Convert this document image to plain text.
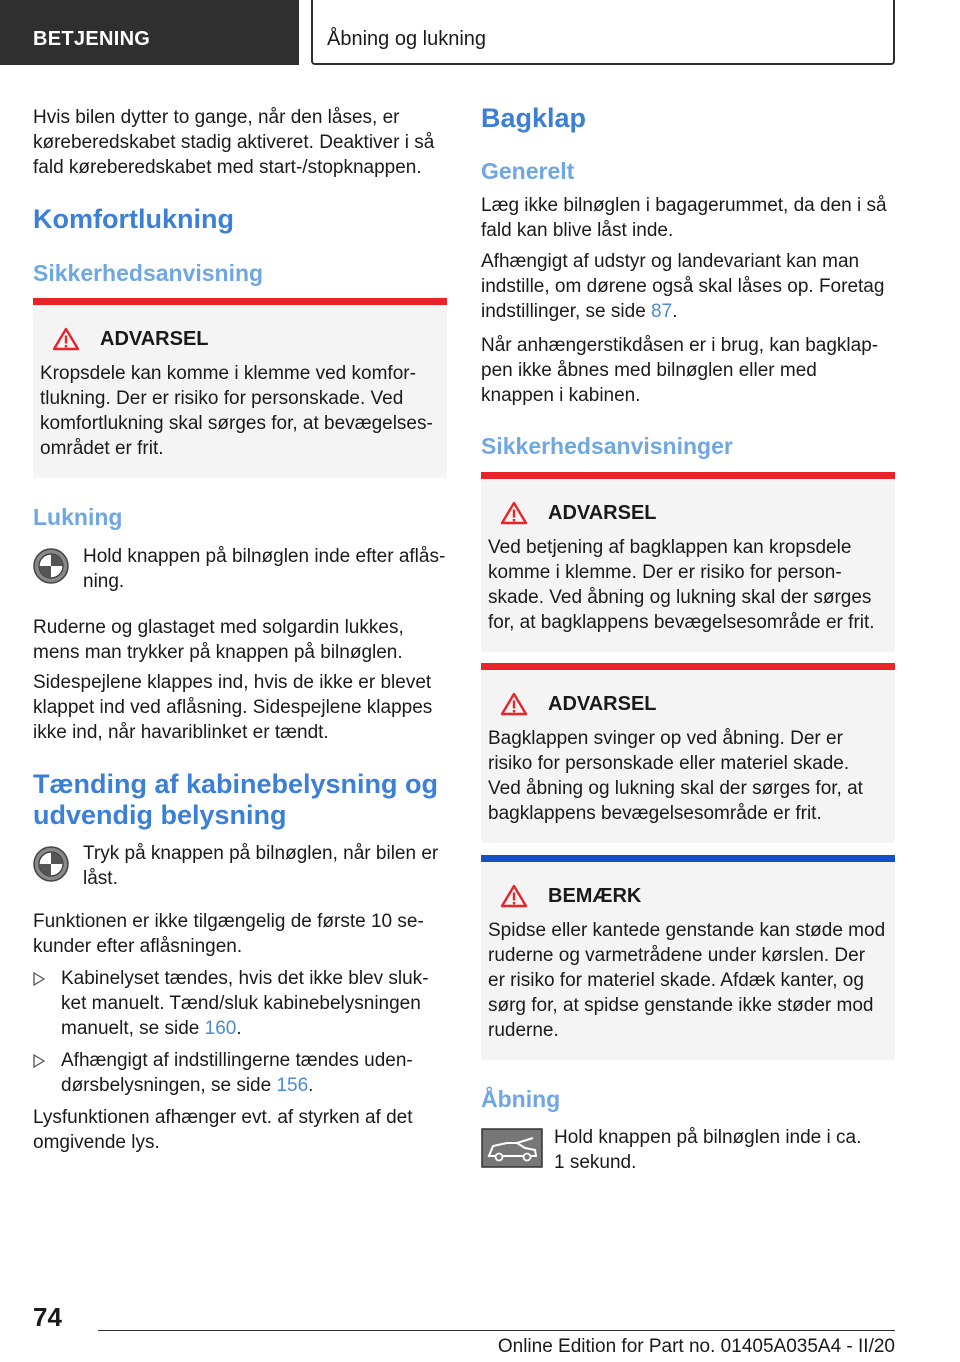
BETJENING	Åbning og lukning

Hvis bilen dytter to gange, når den låses, er køreberedskabet stadig aktiveret. Deaktiver i så fald køreberedskabet med start-/stopknappen.

Komfortlukning
Sikkerhedsanvisning
ADVARSEL

Kropsdele kan komme i klemme ved komfortlukning. Der er risiko for personskade. Ved komfortlukning skal sørges for, at bevægelsesområdet er frit.

Lukning

Hold knappen på bilnøglen inde efter aflåsning.

Ruderne og glastaget med solgardin lukkes, mens man trykker på knappen på bilnøglen.

Sidespejlene klappes ind, hvis de ikke er blevet klappet ind ved aflåsning. Sidespejlene klappes ikke ind, når havariblinket er tændt.

Tænding af kabinebelysning og udvendig belysning

Tryk på knappen på bilnøglen, når bilen er låst.

Funktionen er ikke tilgængelig de første 10 sekunder efter aflåsningen.

Kabinelyset tændes, hvis det ikke blev slukket manuelt. Tænd/sluk kabinebelysningen manuelt, se side 160.
Afhængigt af indstillingerne tændes udendørsbelysningen, se side 156.

Lysfunktionen afhænger evt. af styrken af det omgivende lys.

Bagklap
Generelt

Læg ikke bilnøglen i bagagerummet, da den i så fald kan blive låst inde.

Afhængigt af udstyr og landevariant kan man indstille, om dørene også skal låses op. Foretag indstillinger, se side 87.

Når anhængerstikdåsen er i brug, kan bagklappen ikke åbnes med bilnøglen eller med knappen i kabinen.

Sikkerhedsanvisninger
ADVARSEL

Ved betjening af bagklappen kan kropsdele komme i klemme. Der er risiko for personskade. Ved åbning og lukning skal der sørges for, at bagklappens bevægelsesområde er frit.

ADVARSEL

Bagklappen svinger op ved åbning. Der er risiko for personskade eller materiel skade. Ved åbning og lukning skal der sørges for, at bagklappens bevægelsesområde er frit.

BEMÆRK

Spidse eller kantede genstande kan støde mod ruderne og varmetrådene under kørslen. Der er risiko for materiel skade. Afdæk kanter, og sørg for, at spidse genstande ikke støder mod ruderne.

Åbning

Hold knappen på bilnøglen inde i ca. 1 sekund.

74
Online Edition for Part no. 01405A035A4 - II/20
